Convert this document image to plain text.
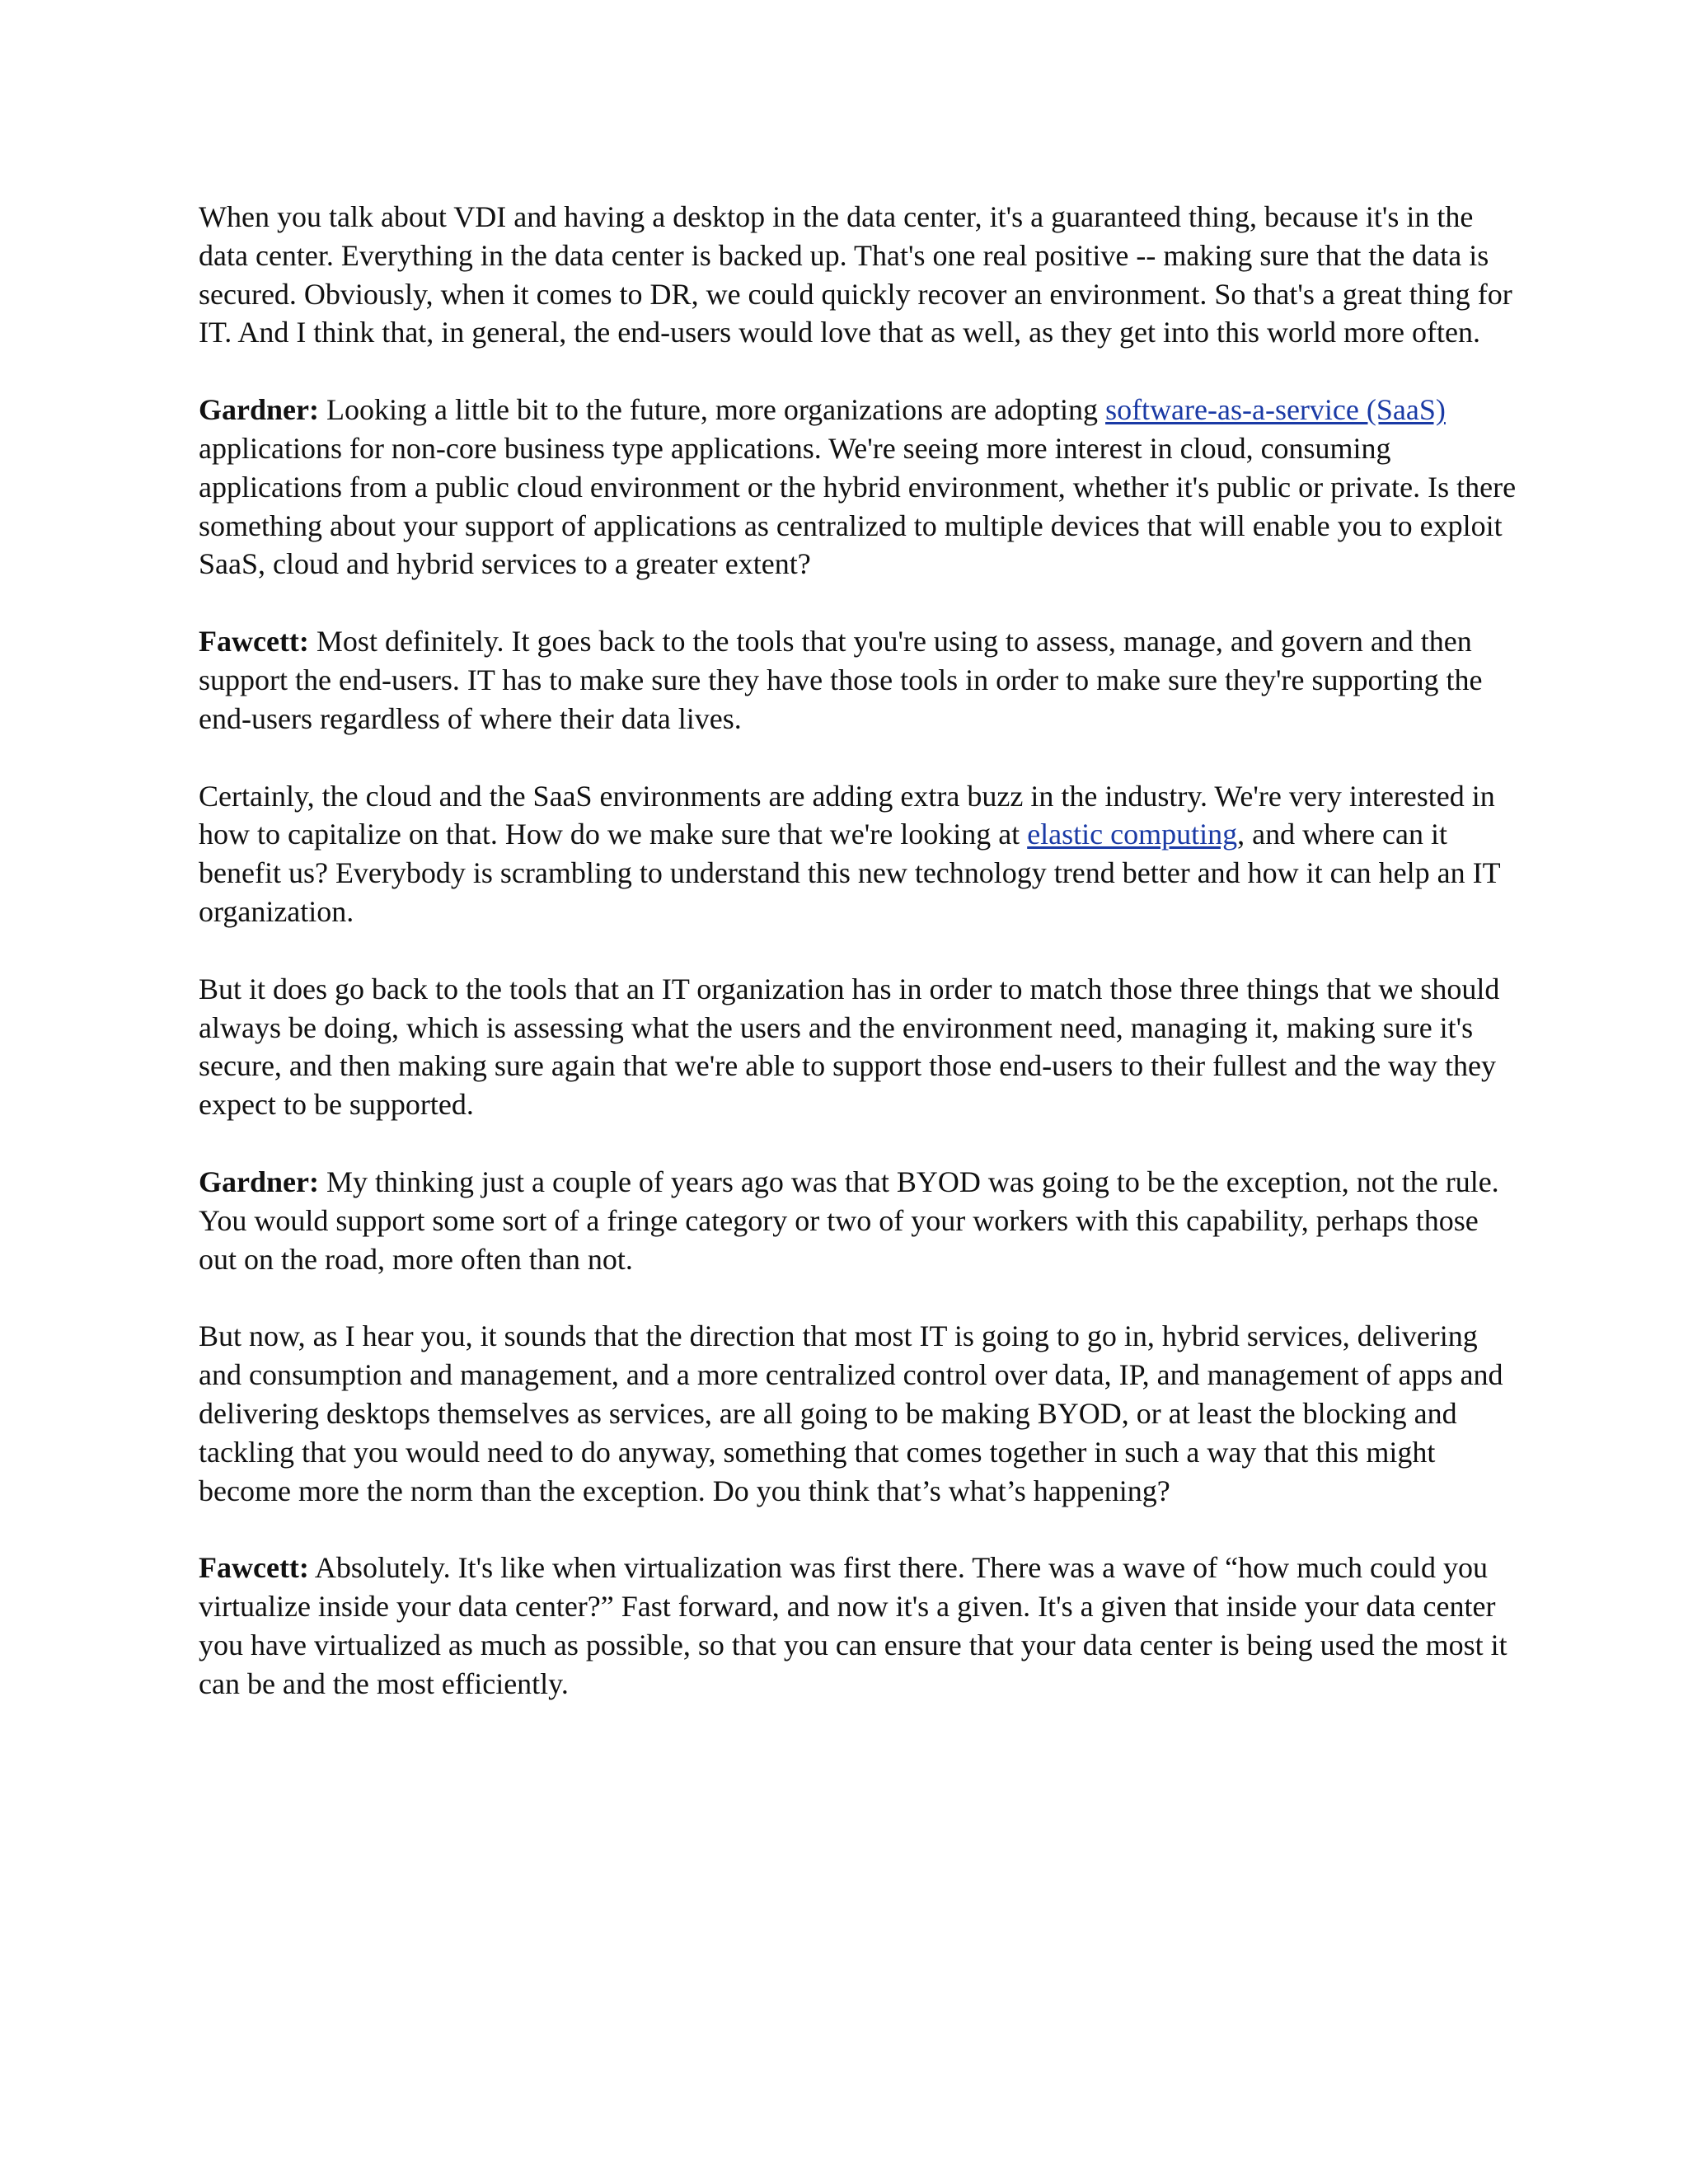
When you talk about VDI and having a desktop in the data center, it's a guaranteed thing, because it's in the data center. Everything in the data center is backed up. That's one real positive -- making sure that the data is secured. Obviously, when it comes to DR, we could quickly recover an environment. So that's a great thing for IT. And I think that, in general, the end-users would love that as well, as they get into this world more often.

Gardner: Looking a little bit to the future, more organizations are adopting software-as-a-service (SaaS) applications for non-core business type applications. We're seeing more interest in cloud, consuming applications from a public cloud environment or the hybrid environment, whether it's public or private. Is there something about your support of applications as centralized to multiple devices that will enable you to exploit SaaS, cloud and hybrid services to a greater extent?

Fawcett: Most definitely. It goes back to the tools that you're using to assess, manage, and govern and then support the end-users. IT has to make sure they have those tools in order to make sure they're supporting the end-users regardless of where their data lives.

Certainly, the cloud and the SaaS environments are adding extra buzz in the industry. We're very interested in how to capitalize on that. How do we make sure that we're looking at elastic computing, and where can it benefit us? Everybody is scrambling to understand this new technology trend better and how it can help an IT organization.

But it does go back to the tools that an IT organization has in order to match those three things that we should always be doing, which is assessing what the users and the environment need, managing it, making sure it's secure, and then making sure again that we're able to support those end-users to their fullest and the way they expect to be supported.

Gardner: My thinking just a couple of years ago was that BYOD was going to be the exception, not the rule. You would support some sort of a fringe category or two of your workers with this capability, perhaps those out on the road, more often than not.

But now, as I hear you, it sounds that the direction that most IT is going to go in, hybrid services, delivering and consumption and management, and a more centralized control over data, IP, and management of apps and delivering desktops themselves as services, are all going to be making BYOD, or at least the blocking and tackling that you would need to do anyway, something that comes together in such a way that this might become more the norm than the exception. Do you think that’s what’s happening?

Fawcett: Absolutely. It's like when virtualization was first there. There was a wave of “how much could you virtualize inside your data center?” Fast forward, and now it's a given. It's a given that inside your data center you have virtualized as much as possible, so that you can ensure that your data center is being used the most it can be and the most efficiently.
